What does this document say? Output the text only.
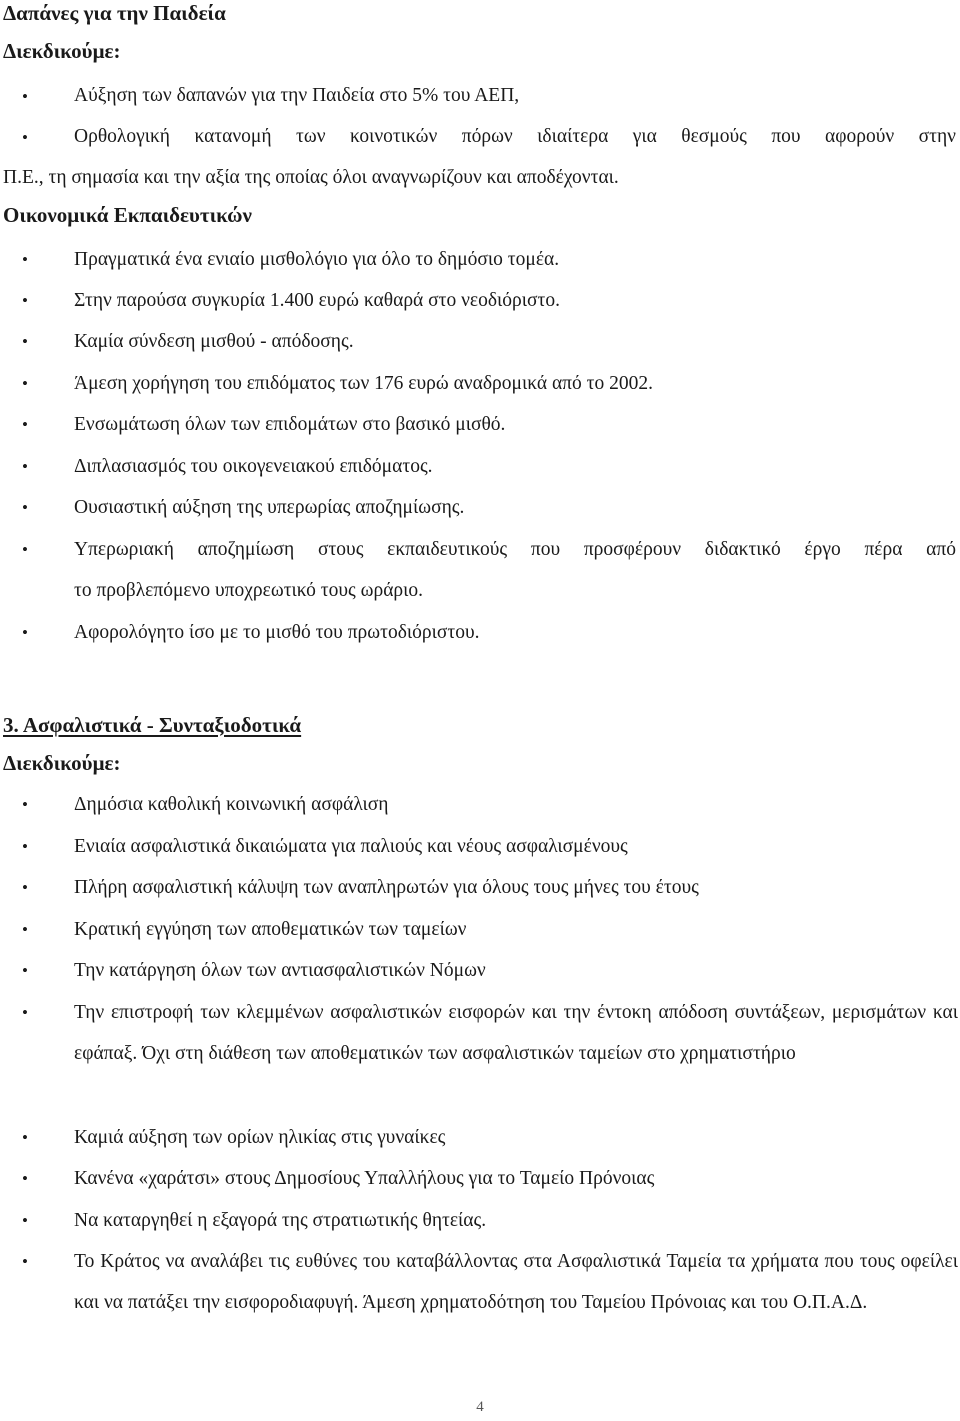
Δαπάνες για την Παιδεία
Διεκδικούμε:
• Αύξηση των δαπανών για την Παιδεία στο 5% του ΑΕΠ,
• Ορθολογική κατανομή των κοινοτικών πόρων ιδιαίτερα για θεσμούς που αφορούν στην
Π.Ε., τη σημασία και την αξία της οποίας όλοι αναγνωρίζουν και αποδέχονται.
Οικονομικά Εκπαιδευτικών
• Πραγματικά ένα ενιαίο μισθολόγιο για όλο το δημόσιο τομέα.
• Στην παρούσα συγκυρία 1.400 ευρώ καθαρά στο νεοδιόριστο.
• Καμία σύνδεση μισθού - απόδοσης.
• Άμεση χορήγηση του επιδόματος των 176 ευρώ αναδρομικά από το 2002.
• Ενσωμάτωση όλων των επιδομάτων στο βασικό μισθό.
• Διπλασιασμός του οικογενειακού επιδόματος.
• Ουσιαστική αύξηση της υπερωρίας αποζημίωσης.
• Υπερωριακή αποζημίωση στους εκπαιδευτικούς που προσφέρουν διδακτικό έργο πέρα από
το προβλεπόμενο υποχρεωτικό τους ωράριο.
• Αφορολόγητο ίσο με το μισθό του πρωτοδιόριστου.
3. Ασφαλιστικά - Συνταξιοδοτικά
Διεκδικούμε:
• Δημόσια καθολική κοινωνική ασφάλιση
• Ενιαία ασφαλιστικά δικαιώματα για παλιούς και νέους ασφαλισμένους
• Πλήρη ασφαλιστική κάλυψη των αναπληρωτών για όλους τους μήνες του έτους
• Κρατική εγγύηση των αποθεματικών των ταμείων
• Την κατάργηση όλων των αντιασφαλιστικών Νόμων
• Την επιστροφή των κλεμμένων ασφαλιστικών εισφορών και την έντοκη απόδοση συντάξεων, μερισμάτων και εφάπαξ. Όχι στη διάθεση των αποθεματικών των ασφαλιστικών ταμείων στο χρηματιστήριο
• Καμιά αύξηση των ορίων ηλικίας στις γυναίκες
• Κανένα «χαράτσι» στους Δημοσίους Υπαλλήλους για το Ταμείο Πρόνοιας
• Να καταργηθεί η εξαγορά της στρατιωτικής θητείας.
• Το Κράτος να αναλάβει τις ευθύνες του καταβάλλοντας στα Ασφαλιστικά Ταμεία τα χρήματα που τους οφείλει και να πατάξει την εισφοροδιαφυγή. Άμεση χρηματοδότηση του Ταμείου Πρόνοιας και του Ο.Π.Α.Δ.
4
